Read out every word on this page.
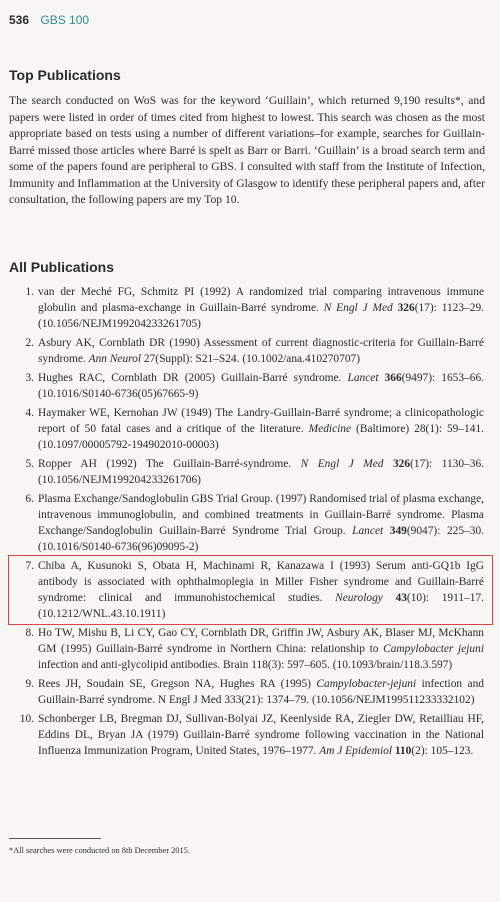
536 GBS 100
Top Publications

The search conducted on WoS was for the keyword ‘Guillain’, which returned 9,190 results*, and papers were listed in order of times cited from highest to lowest. This search was chosen as the most appropriate based on tests using a number of different variations–for example, searches for Guillain-Barré missed those articles where Barré is spelt as Barr or Barri. ‘Guillain’ is a broad search term and some of the papers found are peripheral to GBS. I consulted with staff from the Institute of Infection, Immunity and Inflammation at the University of Glasgow to identify these peripheral papers and, after consultation, the following papers are my Top 10.

All Publications
1. van der Meché FG, Schmitz PI (1992) A randomized trial comparing intravenous immune globulin and plasma-exchange in Guillain-Barré syndrome. N Engl J Med 326(17): 1123–29. (10.1056/NEJM199204233261705)
2. Asbury AK, Cornblath DR (1990) Assessment of current diagnostic-criteria for Guillain-Barré syndrome. Ann Neurol 27(Suppl): S21–S24. (10.1002/ana.410270707)
3. Hughes RAC, Cornblath DR (2005) Guillain-Barré syndrome. Lancet 366(9497): 1653–66. (10.1016/S0140-6736(05)67665-9)
4. Haymaker WE, Kernohan JW (1949) The Landry-Guillain-Barré syndrome; a clinicopathologic report of 50 fatal cases and a critique of the literature. Medicine (Baltimore) 28(1): 59–141. (10.1097/00005792-194902010-00003)
5. Ropper AH (1992) The Guillain-Barré-syndrome. N Engl J Med 326(17): 1130–36. (10.1056/NEJM199204233261706)
6. Plasma Exchange/Sandoglobulin GBS Trial Group. (1997) Randomised trial of plasma exchange, intravenous immunoglobulin, and combined treatments in Guillain-Barré syndrome. Plasma Exchange/Sandoglobulin Guillain-Barré Syndrome Trial Group. Lancet 349(9047): 225–30. (10.1016/S0140-6736(96)09095-2)
7. Chiba A, Kusunoki S, Obata H, Machinami R, Kanazawa I (1993) Serum anti-GQ1b IgG antibody is associated with ophthalmoplegia in Miller Fisher syndrome and Guillain-Barré syndrome: clinical and immunohistochemical studies. Neurology 43(10): 1911–17. (10.1212/WNL.43.10.1911)
8. Ho TW, Mishu B, Li CY, Gao CY, Cornblath DR, Griffin JW, Asbury AK, Blaser MJ, McKhann GM (1995) Guillain-Barré syndrome in Northern China: relationship to Campylobacter jejuni infection and anti-glycolipid antibodies. Brain 118(3): 597–605. (10.1093/brain/118.3.597)
9. Rees JH, Soudain SE, Gregson NA, Hughes RA (1995) Campylobacter-jejuni infection and Guillain-Barré syndrome. N Engl J Med 333(21): 1374–79. (10.1056/NEJM199511233332102)
10. Schonberger LB, Bregman DJ, Sullivan-Bolyai JZ, Keenlyside RA, Ziegler DW, Retailliau HF, Eddins DL, Bryan JA (1979) Guillain-Barré syndrome following vaccination in the National Influenza Immunization Program, United States, 1976–1977. Am J Epidemiol 110(2): 105–123.
*All searches were conducted on 8th December 2015.
